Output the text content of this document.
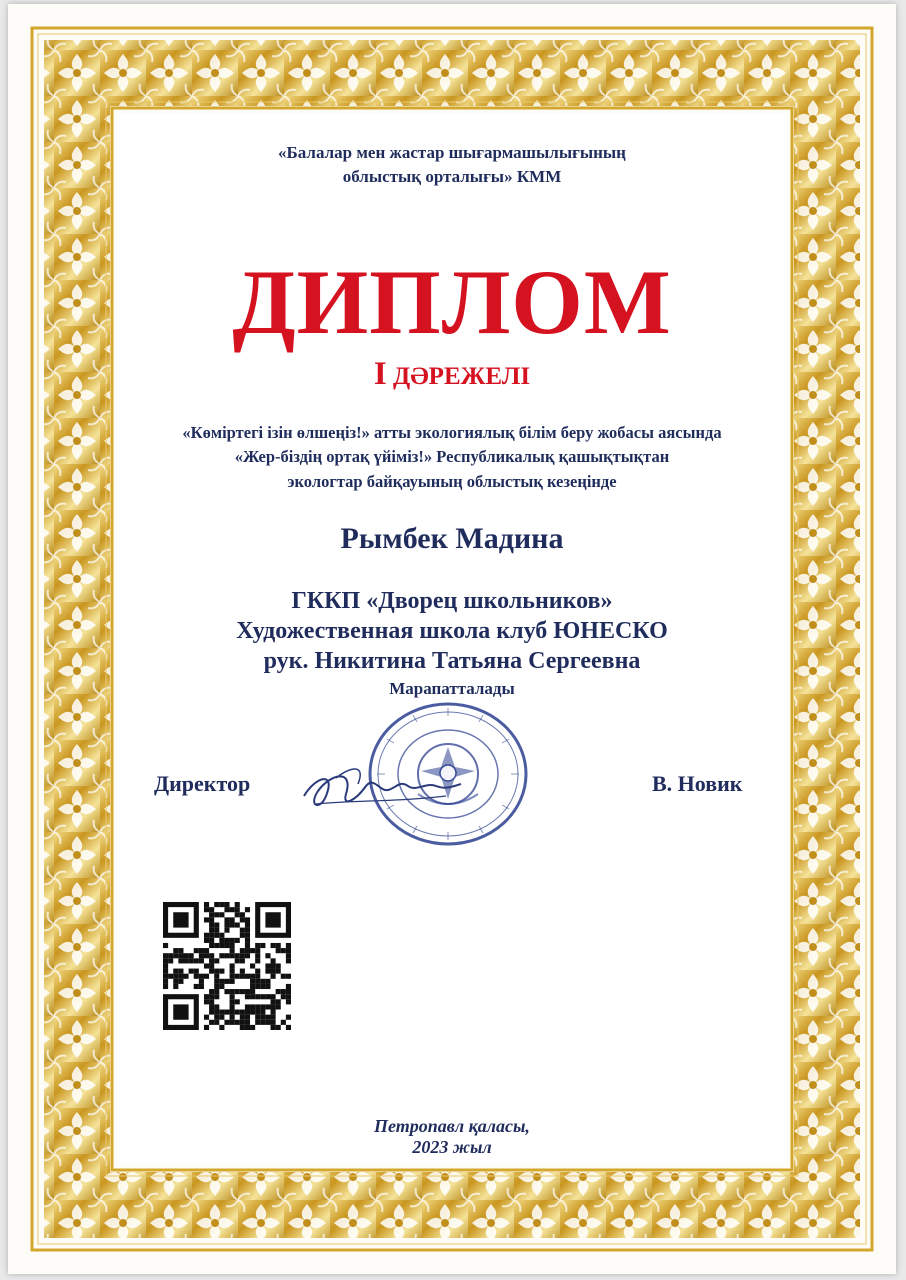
«Балалар мен жастар шығармашылығының

облыстық орталығы» КММ

ДИПЛОМ

I ДӘРЕЖЕЛІ

«Көміртегі ізін өлшеңіз!» атты экологиялық білім беру жобасы аясында

«Жер-біздің ортақ үйіміз!» Республикалық қашықтықтан

экологтар байқауының облыстық кезеңінде

Рымбек Мадина

ГККП «Дворец школьников»

Художественная школа клуб ЮНЕСКО

рук. Никитина Татьяна Сергеевна

Марапатталады

Директор	В. Новик

Петропавл қаласы,

2023 жыл
